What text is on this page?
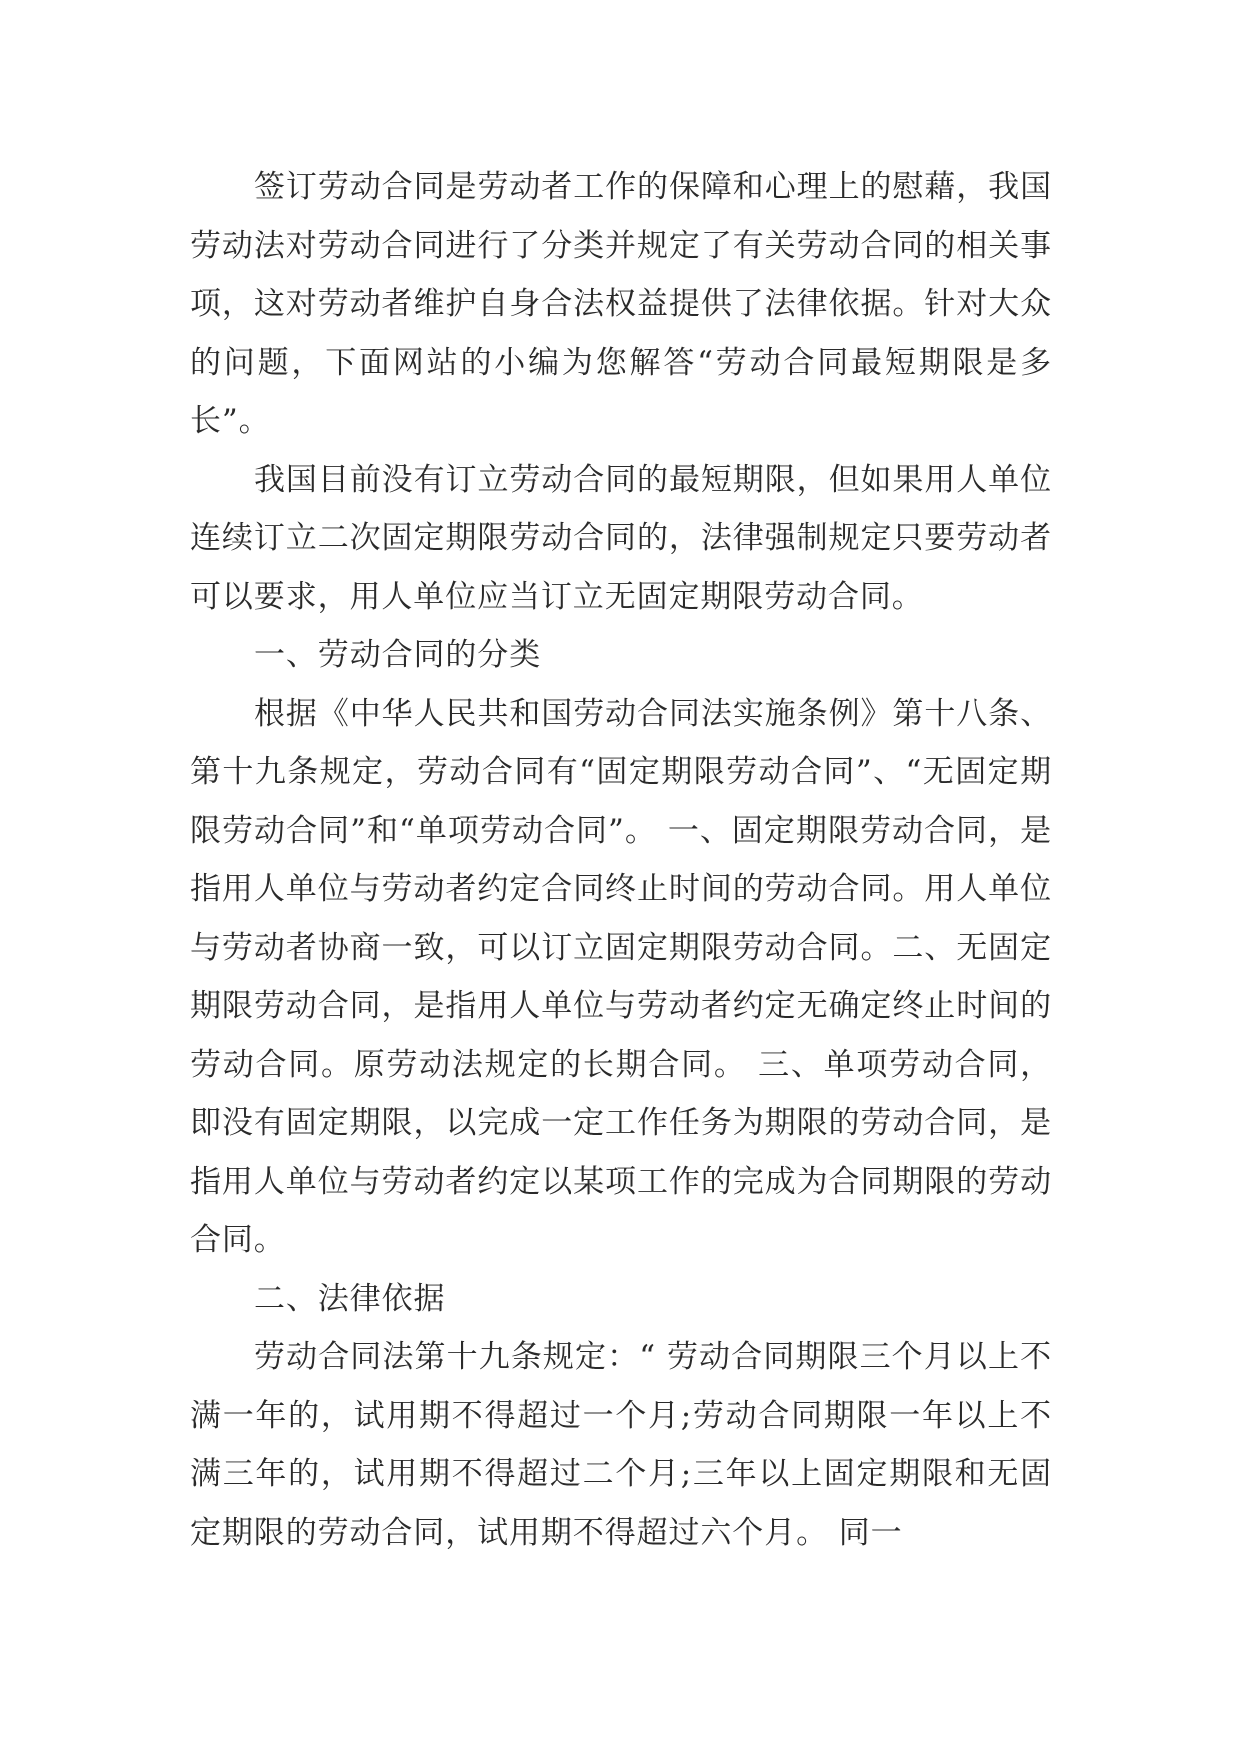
签订劳动合同是劳动者工作的保障和心理上的慰藉，我国劳动法对劳动合同进行了分类并规定了有关劳动合同的相关事项，这对劳动者维护自身合法权益提供了法律依据。针对大众的问题，下面网站的小编为您解答“劳动合同最短期限是多长”。

我国目前没有订立劳动合同的最短期限，但如果用人单位连续订立二次固定期限劳动合同的，法律强制规定只要劳动者可以要求，用人单位应当订立无固定期限劳动合同。

一、劳动合同的分类

根据《中华人民共和国劳动合同法实施条例》第十八条、第十九条规定，劳动合同有“固定期限劳动合同”、“无固定期限劳动合同”和“单项劳动合同”。 一、固定期限劳动合同，是指用人单位与劳动者约定合同终止时间的劳动合同。用人单位与劳动者协商一致，可以订立固定期限劳动合同。二、无固定期限劳动合同，是指用人单位与劳动者约定无确定终止时间的劳动合同。原劳动法规定的长期合同。 三、单项劳动合同，即没有固定期限，以完成一定工作任务为期限的劳动合同，是指用人单位与劳动者约定以某项工作的完成为合同期限的劳动合同。

二、法律依据

劳动合同法第十九条规定：“ 劳动合同期限三个月以上不满一年的，试用期不得超过一个月;劳动合同期限一年以上不满三年的，试用期不得超过二个月;三年以上固定期限和无固定期限的劳动合同，试用期不得超过六个月。 同一
